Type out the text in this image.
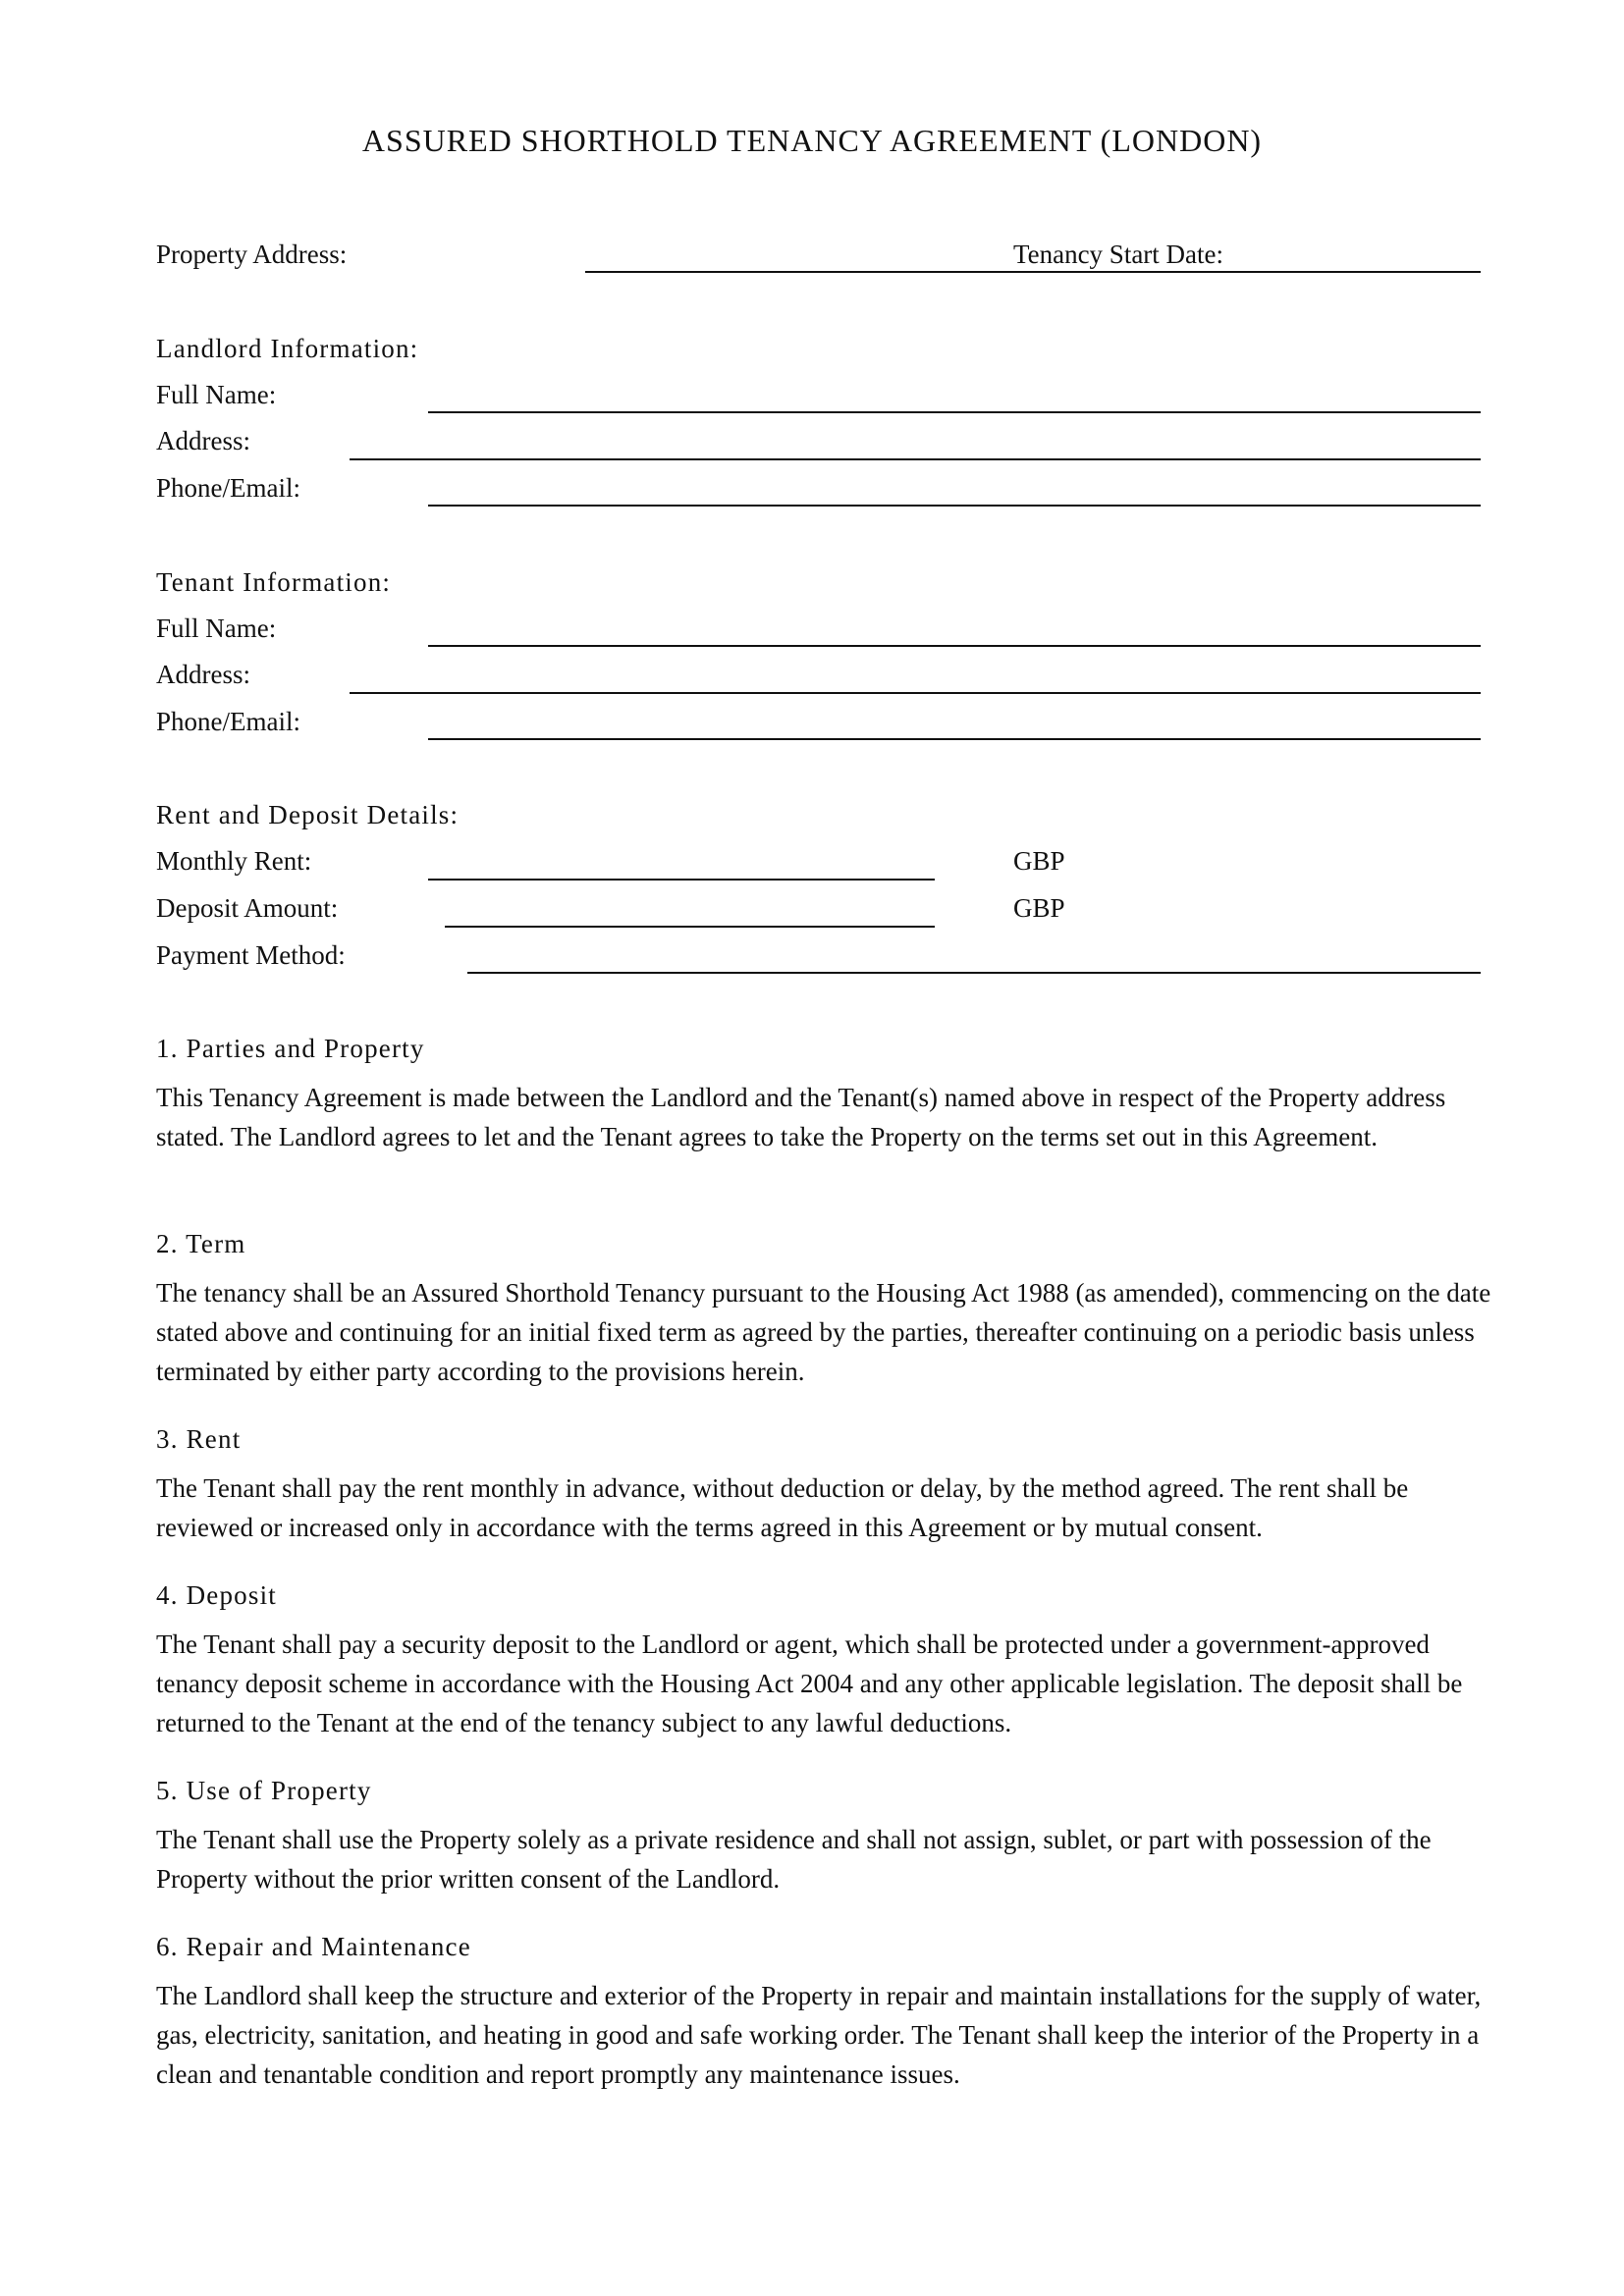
ASSURED SHORTHOLD TENANCY AGREEMENT (LONDON)
Property Address:	Tenancy Start Date:
Landlord Information:
Full Name:
Address:
Phone/Email:
Tenant Information:
Full Name:
Address:
Phone/Email:
Rent and Deposit Details:
Monthly Rent:	GBP
Deposit Amount:	GBP
Payment Method:
1. Parties and Property
This Tenancy Agreement is made between the Landlord and the Tenant(s) named above in respect of the Property address stated. The Landlord agrees to let and the Tenant agrees to take the Property on the terms set out in this Agreement.
2. Term
The tenancy shall be an Assured Shorthold Tenancy pursuant to the Housing Act 1988 (as amended), commencing on the date stated above and continuing for an initial fixed term as agreed by the parties, thereafter continuing on a periodic basis unless terminated by either party according to the provisions herein.
3. Rent
The Tenant shall pay the rent monthly in advance, without deduction or delay, by the method agreed. The rent shall be reviewed or increased only in accordance with the terms agreed in this Agreement or by mutual consent.
4. Deposit
The Tenant shall pay a security deposit to the Landlord or agent, which shall be protected under a government-approved tenancy deposit scheme in accordance with the Housing Act 2004 and any other applicable legislation. The deposit shall be returned to the Tenant at the end of the tenancy subject to any lawful deductions.
5. Use of Property
The Tenant shall use the Property solely as a private residence and shall not assign, sublet, or part with possession of the Property without the prior written consent of the Landlord.
6. Repair and Maintenance
The Landlord shall keep the structure and exterior of the Property in repair and maintain installations for the supply of water, gas, electricity, sanitation, and heating in good and safe working order. The Tenant shall keep the interior of the Property in a clean and tenantable condition and report promptly any maintenance issues.
